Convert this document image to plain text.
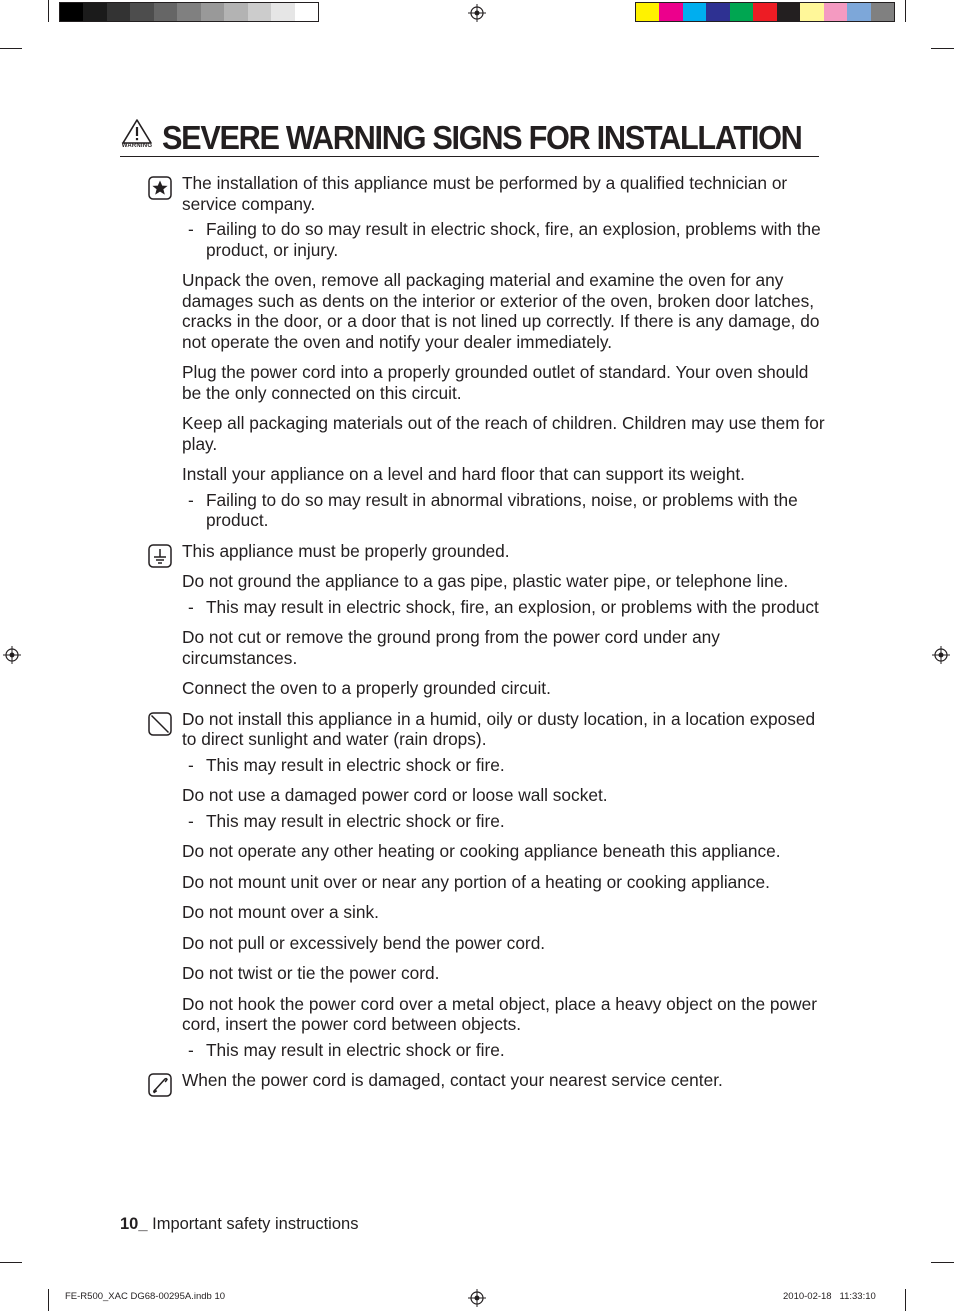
WARNING SEVERE WARNING SIGNS FOR INSTALLATION
The installation of this appliance must be performed by a qualified technician or service company.
- Failing to do so may result in electric shock, fire, an explosion, problems with the product, or injury.
Unpack the oven, remove all packaging material and examine the oven for any damages such as dents on the interior or exterior of the oven, broken door latches, cracks in the door, or a door that is not lined up correctly. If there is any damage, do not operate the oven and notify your dealer immediately.
Plug the power cord into a properly grounded outlet of standard. Your oven should be the only connected on this circuit.
Keep all packaging materials out of the reach of children. Children may use them for play.
Install your appliance on a level and hard floor that can support its weight.
- Failing to do so may result in abnormal vibrations, noise, or problems with the product.
This appliance must be properly grounded.
Do not ground the appliance to a gas pipe, plastic water pipe, or telephone line.
- This may result in electric shock, fire, an explosion, or problems with the product
Do not cut or remove the ground prong from the power cord under any circumstances.
Connect the oven to a properly grounded circuit.
Do not install this appliance in a humid, oily or dusty location, in a location exposed to direct sunlight and water (rain drops).
- This may result in electric shock or fire.
Do not use a damaged power cord or loose wall socket.
- This may result in electric shock or fire.
Do not operate any other heating or cooking appliance beneath this appliance.
Do not mount unit over or near any portion of a heating or cooking appliance.
Do not mount over a sink.
Do not pull or excessively bend the power cord.
Do not twist or tie the power cord.
Do not hook the power cord over a metal object, place a heavy object on the power cord, insert the power cord between objects.
- This may result in electric shock or fire.
When the power cord is damaged, contact your nearest service center.
10_ Important safety instructions
FE-R500_XAC DG68-00295A.indb 10	2010-02-18   11:33:10
